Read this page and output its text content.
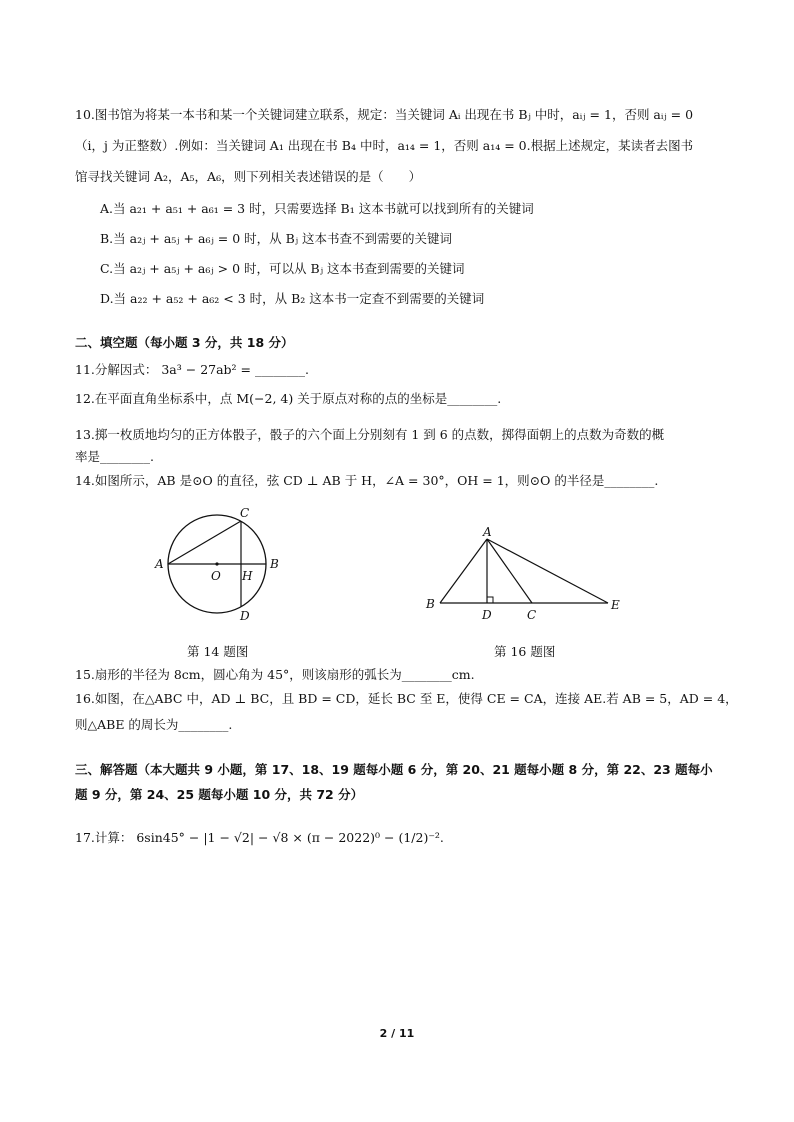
10.图书馆为将某一本书和某一个关键词建立联系，规定：当关键词 Aᵢ 出现在书 Bⱼ 中时，aᵢⱼ = 1，否则 aᵢⱼ = 0
（i，j 为正整数）.例如：当关键词 A₁ 出现在书 B₄ 中时，a₁₄ = 1，否则 a₁₄ = 0.根据上述规定，某读者去图书
馆寻找关键词 A₂，A₅，A₆，则下列相关表述错误的是（　　）
A.当 a₂₁ + a₅₁ + a₆₁ = 3 时，只需要选择 B₁ 这本书就可以找到所有的关键词
B.当 a₂ⱼ + a₅ⱼ + a₆ⱼ = 0 时，从 Bⱼ 这本书查不到需要的关键词
C.当 a₂ⱼ + a₅ⱼ + a₆ⱼ > 0 时，可以从 Bⱼ 这本书查到需要的关键词
D.当 a₂₂ + a₅₂ + a₆₂ < 3 时，从 B₂ 这本书一定查不到需要的关键词
二、填空题（每小题 3 分，共 18 分）
11.分解因式： 3a³ − 27ab² = ________.
12.在平面直角坐标系中，点 M(−2, 4) 关于原点对称的点的坐标是________.
13.掷一枚质地均匀的正方体骰子，骰子的六个面上分别刻有 1 到 6 的点数，掷得面朝上的点数为奇数的概
率是________.
14.如图所示，AB 是⊙O 的直径，弦 CD ⊥ AB 于 H，∠A = 30°，OH = 1，则⊙O 的半径是________.
A	B
C
D
O H
A
B
D	C
E
第 14 题图	第 16 题图
15.扇形的半径为 8cm，圆心角为 45°，则该扇形的弧长为________cm.
16.如图，在△ABC 中，AD ⊥ BC，且 BD = CD，延长 BC 至 E，使得 CE = CA，连接 AE.若 AB = 5，AD = 4，
则△ABE 的周长为________.
三、解答题（本大题共 9 小题，第 17、18、19 题每小题 6 分，第 20、21 题每小题 8 分，第 22、23 题每小
题 9 分，第 24、25 题每小题 10 分，共 72 分）
17.计算： 6sin45° − |1 − √2| − √8 × (π − 2022)⁰ − (1/2)⁻².
2 / 11
